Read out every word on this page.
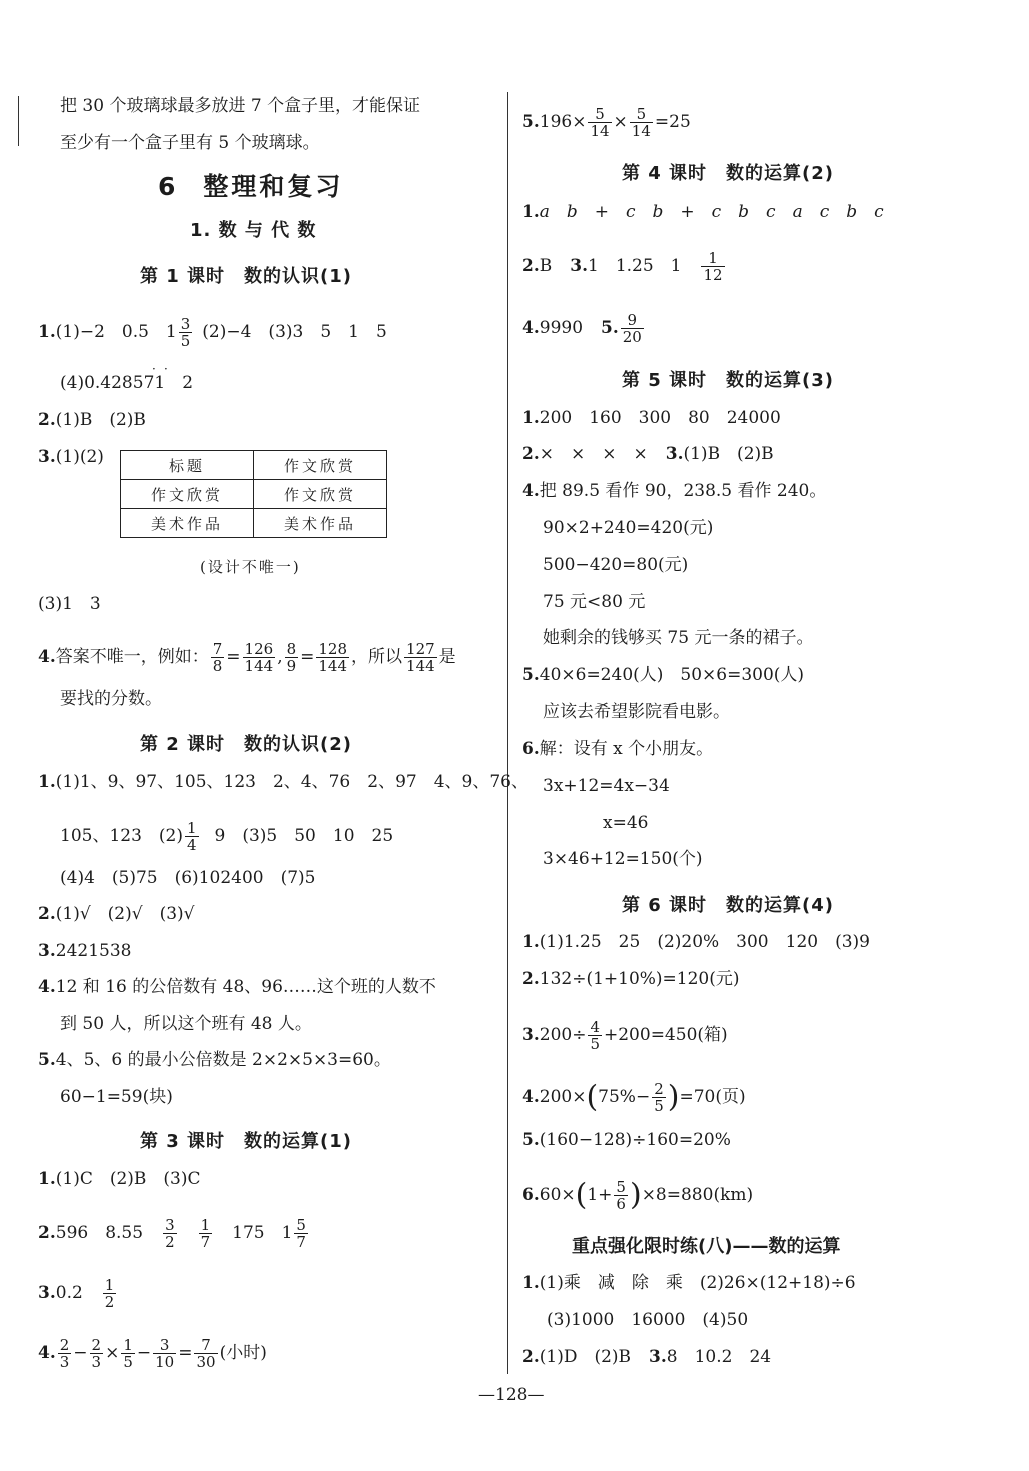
把 30 个玻璃球最多放进 7 个盒子里，才能保证
至少有一个盒子里有 5 个玻璃球。
6 整理和复习
1. 数 与 代 数
第 1 课时　数的认识(1)
1.(1)−2　0.5　$1 \frac{3}{5} (2)-4$　(3)3　5　1　5
(4)0.428571　2
· ·
2.(1)B　(2)B
3.(1)(2)	标题	作文欣赏
作文欣赏	作文欣赏
美术作品	美术作品
(设计不唯一)
(3)1　3
4.答案不唯一，例如： $\frac{7}{8} = \frac{126}{144}$ , $\frac{8}{9} = \frac{128}{144}$ ，所以 $\frac{127}{144}$ 是
要找的分数。
第 2 课时　数的认识(2)
1.(1)1、9、97、105、123　2、4、76　2、97　4、9、76、
105、123　$(2) \frac{1}{4} 9$　(3)5　50　10　25
(4)4　(5)75　(6)102400　(7)5
2.(1)√　(2)√　(3)√
3.2421538
4.12 和 16 的公倍数有 48、96……这个班的人数不
到 50 人，所以这个班有 48 人。
5.4、5、6 的最小公倍数是 2×2×5×3=60。
60−1=59(块)
第 3 课时　数的运算(1)
1.(1)C　(2)B　(3)C
2.596　$8.55 \frac{3}{2} \frac{1}{7} 175$　$1 \frac{5}{7}$
$3.0.2 \frac{1}{2}$
4. $\frac{2}{3} - \frac{2}{3} \times \frac{1}{5} - \frac{3}{10} = \frac{7}{30}$ (小时)
$5.196\times \frac{5}{14} \times \frac{5}{14} =25$
第 4 课时　数的运算(2)
1.a　b　+　c　b　+　c　b　c　a　c　b　c
2.B 3.1　1.25　$1 \frac{1}{12}$
4.9990 5. $\frac{9}{20}$
第 5 课时　数的运算(3)
1.200　160　300　80　24000
2.×　×　×　× 3.(1)B　(2)B
4.把 89.5 看作 90，238.5 看作 240。
90×2+240=420(元)
500−420=80(元)
75 元<80 元
她剩余的钱够买 75 元一条的裙子。
5.40×6=240(人)　50×6=300(人)
应该去希望影院看电影。
6.解：设有 x 个小朋友。
3x+12=4x−34
x=46
3×46+12=150(个)
第 6 课时　数的运算(4)
1.(1)1.25　25　(2)20%　300　120　(3)9
2.132÷(1+10%)=120(元)
$3.200\div \frac{4}{5} +200=450$(箱)
$4.200\times(75\%- \frac{2}{5} )=70$(页)
5.(160−128)÷160=20%
$6.60\times(1+ \frac{5}{6} )\times 8=880(km)$
重点强化限时练(八)——数的运算
1.(1)乘　减　除　乘　(2)26×(12+18)÷6
(3)1000　16000　(4)50
2.(1)D　(2)B 3.8　10.2　24
—128—
